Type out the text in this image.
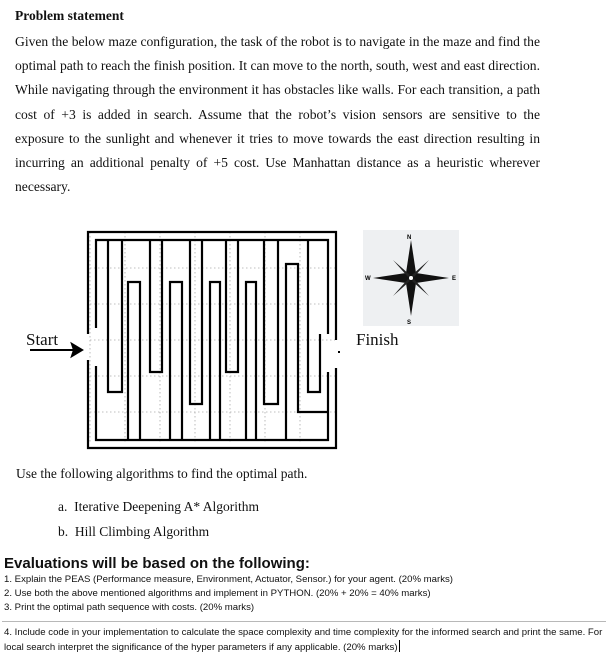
Problem statement
Given the below maze configuration, the task of the robot is to navigate in the maze and find the optimal path to reach the finish position. It can move to the north, south, west and east direction. While navigating through the environment it has obstacles like walls. For each transition, a path cost of +3 is added in search. Assume that the robot’s vision sensors are sensitive to the exposure to the sunlight and whenever it tries to move towards the east direction resulting in incurring an additional penalty of +5 cost. Use Manhattan distance as a heuristic wherever necessary.
Start	Finish
N
S
W	E
Use the following algorithms to find the optimal path.
a. Iterative Deepening A* Algorithm
b. Hill Climbing Algorithm
Evaluations will be based on the following:
1. Explain the PEAS (Performance measure, Environment, Actuator, Sensor.) for your agent. (20% marks)
2. Use both the above mentioned algorithms and implement in PYTHON. (20% + 20% = 40% marks)
3. Print the optimal path sequence with costs. (20% marks)
4. Include code in your implementation to calculate the space complexity and time complexity for the informed search and print the same. For local search interpret the significance of the hyper parameters if any applicable. (20% marks)
